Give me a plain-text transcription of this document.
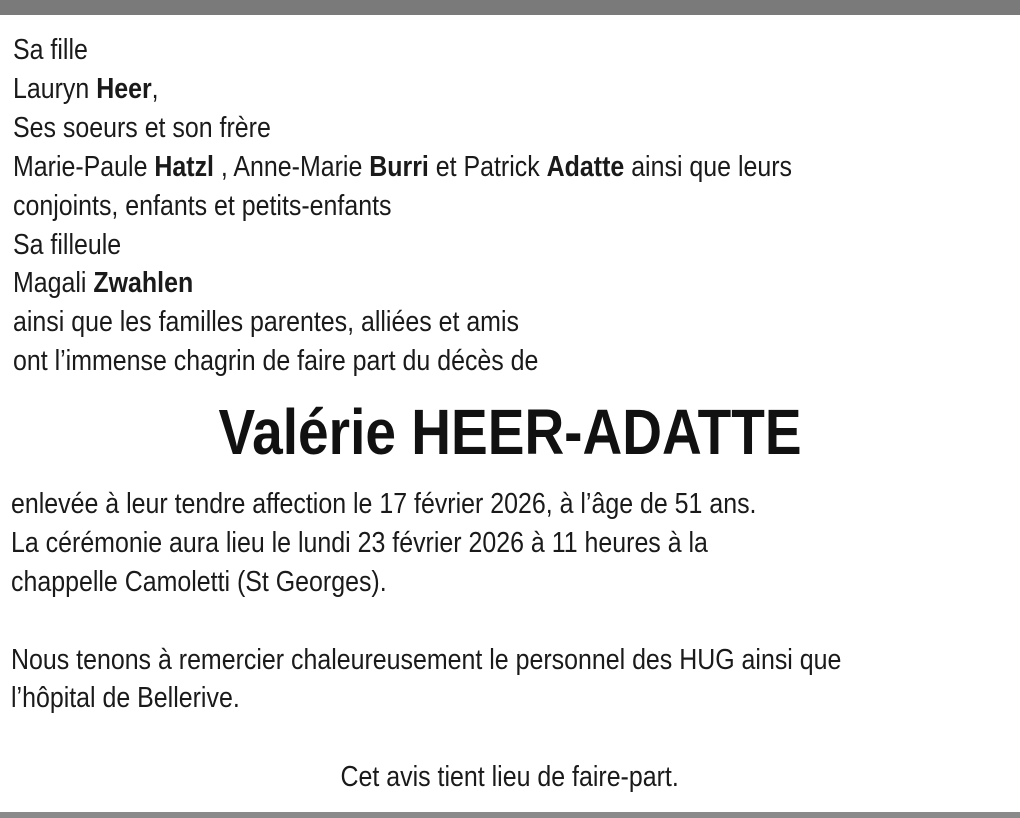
Sa fille
Lauryn Heer,
Ses soeurs et son frère
Marie-Paule Hatzl , Anne-Marie Burri et Patrick Adatte ainsi que leurs
conjoints, enfants et petits-enfants
Sa filleule
Magali Zwahlen
ainsi que les familles parentes, alliées et amis
ont l’immense chagrin de faire part du décès de
Valérie HEER-ADATTE
enlevée à leur tendre affection le 17 février 2026, à l’âge de 51 ans.
La cérémonie aura lieu le lundi 23 février 2026 à 11 heures à la
chappelle Camoletti (St Georges).
Nous tenons à remercier chaleureusement le personnel des HUG ainsi que
l’hôpital de Bellerive.
Cet avis tient lieu de faire-part.
